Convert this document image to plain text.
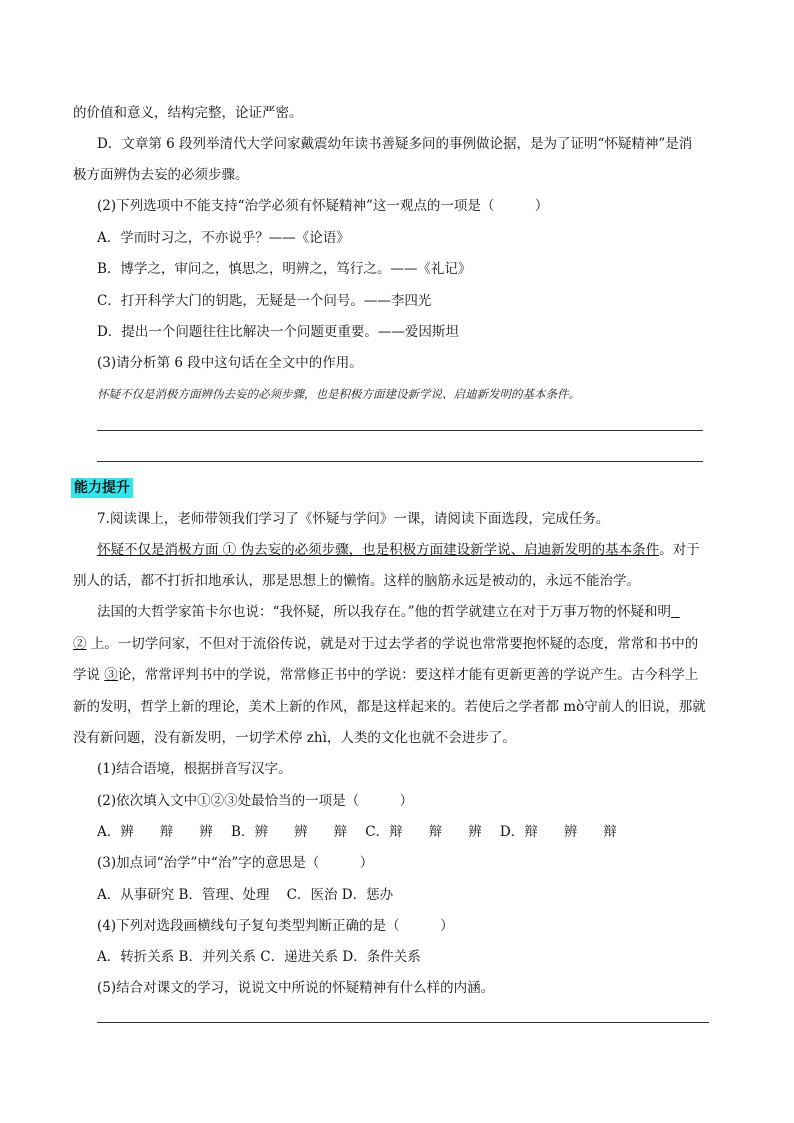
的价值和意义，结构完整，论证严密。
D．文章第 6 段列举清代大学问家戴震幼年读书善疑多问的事例做论据，是为了证明“怀疑精神”是消
极方面辨伪去妄的必须步骤。
(2)下列选项中不能支持“治学必须有怀疑精神”这一观点的一项是（　　　）
A．学而时习之，不亦说乎？——《论语》
B．博学之，审问之，慎思之，明辨之，笃行之。——《礼记》
C．打开科学大门的钥匙，无疑是一个问号。——李四光
D．提出一个问题往往比解决一个问题更重要。——爱因斯坦
(3)请分析第 6 段中这句话在全文中的作用。
怀疑不仅是消极方面辨伪去妄的必须步骤，也是积极方面建设新学说、启迪新发明的基本条件。
能力提升
7.阅读课上，老师带领我们学习了《怀疑与学问》一课，请阅读下面选段，完成任务。
怀疑不仅是消极方面 ① 伪去妄的必须步骤，也是积极方面建设新学说、启迪新发明的基本条件。对于
别人的话，都不打折扣地承认，那是思想上的懒惰。这样的脑筋永远是被动的，永远不能治学。
法国的大哲学家笛卡尔也说：“我怀疑，所以我存在。”他的哲学就建立在对于万事万物的怀疑和明
② 上。一切学问家，不但对于流俗传说，就是对于过去学者的学说也常常要抱怀疑的态度，常常和书中的
学说 ③论，常常评判书中的学说，常常修正书中的学说：要这样才能有更新更善的学说产生。古今科学上
新的发明，哲学上新的理论，美术上新的作风，都是这样起来的。若使后之学者都 mò守前人的旧说，那就
没有新问题，没有新发明，一切学术停 zhì，人类的文化也就不会进步了。
(1)结合语境，根据拼音写汉字。
(2)依次填入文中①②③处最恰当的一项是（　　　）
A．辨 辩 辨 B．辨 辨 辩 C．辩 辩 辨 D．辩 辨 辩
(3)加点词“治学”中“治”字的意思是（　　　）
A．从事研究 B．管理、处理 C．医治 D．惩办
(4)下列对选段画横线句子复句类型判断正确的是（　　　）
A．转折关系 B．并列关系 C．递进关系 D．条件关系
(5)结合对课文的学习，说说文中所说的怀疑精神有什么样的内涵。
